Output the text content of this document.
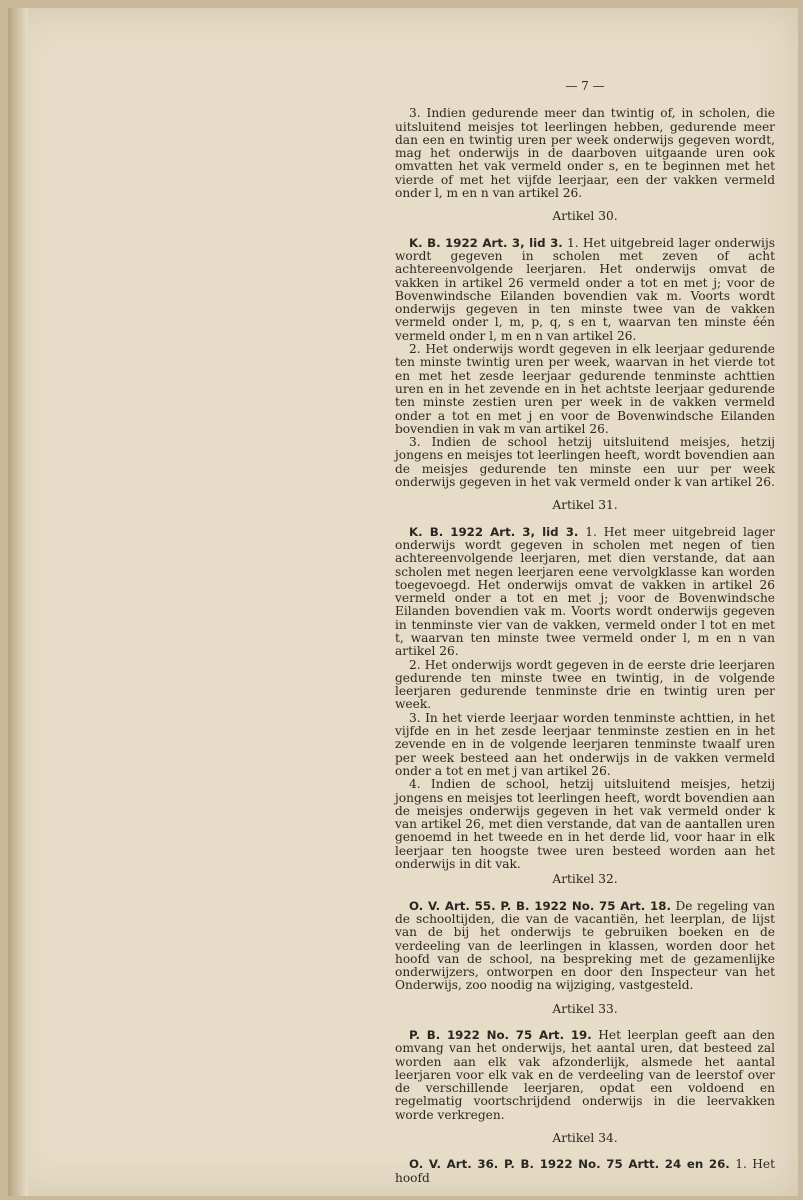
— 7 —

3. Indien gedurende meer dan twintig of, in scholen, die uitsluitend meisjes tot leerlingen hebben, gedurende meer dan een en twintig uren per week onderwijs gegeven wordt, mag het onderwijs in de daarboven uitgaande uren ook omvatten het vak vermeld onder s, en te beginnen met het vierde of met het vijfde leerjaar, een der vakken vermeld onder l, m en n van artikel 26.

Artikel 30.

K. B. 1922 Art. 3, lid 3. 1. Het uitgebreid lager onderwijs wordt gegeven in scholen met zeven of acht achtereenvolgende leerjaren. Het onderwijs omvat de vakken in artikel 26 vermeld onder a tot en met j; voor de Bovenwindsche Eilanden bovendien vak m. Voorts wordt onderwijs gegeven in ten minste twee van de vakken vermeld onder l, m, p, q, s en t, waarvan ten minste één vermeld onder l, m en n van artikel 26.

2. Het onderwijs wordt gegeven in elk leerjaar gedurende ten minste twintig uren per week, waarvan in het vierde tot en met het zesde leerjaar gedurende tenminste achttien uren en in het zevende en in het achtste leerjaar gedurende ten minste zestien uren per week in de vakken vermeld onder a tot en met j en voor de Bovenwindsche Eilanden bovendien in vak m van artikel 26.

3. Indien de school hetzij uitsluitend meisjes, hetzij jongens en meisjes tot leerlingen heeft, wordt bovendien aan de meisjes gedurende ten minste een uur per week onderwijs gegeven in het vak vermeld onder k van artikel 26.

Artikel 31.

K. B. 1922 Art. 3, lid 3. 1. Het meer uitgebreid lager onderwijs wordt gegeven in scholen met negen of tien achtereenvolgende leerjaren, met dien verstande, dat aan scholen met negen leerjaren eene vervolgklasse kan worden toegevoegd. Het onderwijs omvat de vakken in artikel 26 vermeld onder a tot en met j; voor de Bovenwindsche Eilanden bovendien vak m. Voorts wordt onderwijs gegeven in tenminste vier van de vakken, vermeld onder l tot en met t, waarvan ten minste twee vermeld onder l, m en n van artikel 26.

2. Het onderwijs wordt gegeven in de eerste drie leerjaren gedurende ten minste twee en twintig, in de volgende leerjaren gedurende tenminste drie en twintig uren per week.

3. In het vierde leerjaar worden tenminste achttien, in het vijfde en in het zesde leerjaar tenminste zestien en in het zevende en in de volgende leerjaren tenminste twaalf uren per week besteed aan het onderwijs in de vakken vermeld onder a tot en met j van artikel 26.

4. Indien de school, hetzij uitsluitend meisjes, hetzij jongens en meisjes tot leerlingen heeft, wordt bovendien aan de meisjes onderwijs gegeven in het vak vermeld onder k van artikel 26, met dien verstande, dat van de aantallen uren genoemd in het tweede en in het derde lid, voor haar in elk leerjaar ten hoogste twee uren besteed worden aan het onderwijs in dit vak.

Artikel 32.

O. V. Art. 55. P. B. 1922 No. 75 Art. 18. De regeling van de schooltijden, die van de vacantiën, het leerplan, de lijst van de bij het onderwijs te gebruiken boeken en de verdeeling van de leerlingen in klassen, worden door het hoofd van de school, na bespreking met de gezamenlijke onderwijzers, ontworpen en door den Inspecteur van het Onderwijs, zoo noodig na wijziging, vastgesteld.

Artikel 33.

P. B. 1922 No. 75 Art. 19. Het leerplan geeft aan den omvang van het onderwijs, het aantal uren, dat besteed zal worden aan elk vak afzonderlijk, alsmede het aantal leerjaren voor elk vak en de verdeeling van de leerstof over de verschillende leerjaren, opdat een voldoend en regelmatig voortschrijdend onderwijs in die leervakken worde verkregen.

Artikel 34.

O. V. Art. 36. P. B. 1922 No. 75 Artt. 24 en 26. 1. Het hoofd
